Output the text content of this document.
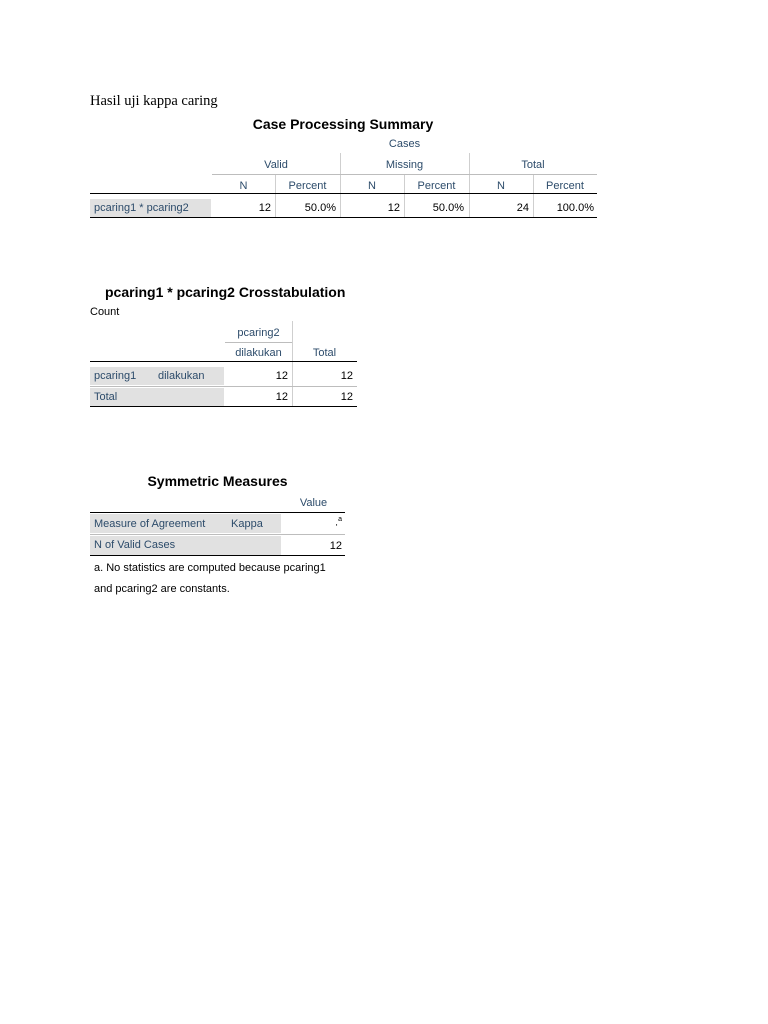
Hasil uji kappa caring
Case Processing Summary
Cases
Valid	Missing	Total
N	Percent	N	Percent	N	Percent
pcaring1 * pcaring2	12	50.0%	12	50.0%	24	100.0%
pcaring1 * pcaring2 Crosstabulation
Count
pcaring2
dilakukan	Total
pcaring1 dilakukan	12	12
Total	12	12
Symmetric Measures
Value
Measure of Agreement Kappa	.$^a$
N of Valid Cases	12
a. No statistics are computed because pcaring1
and pcaring2 are constants.
